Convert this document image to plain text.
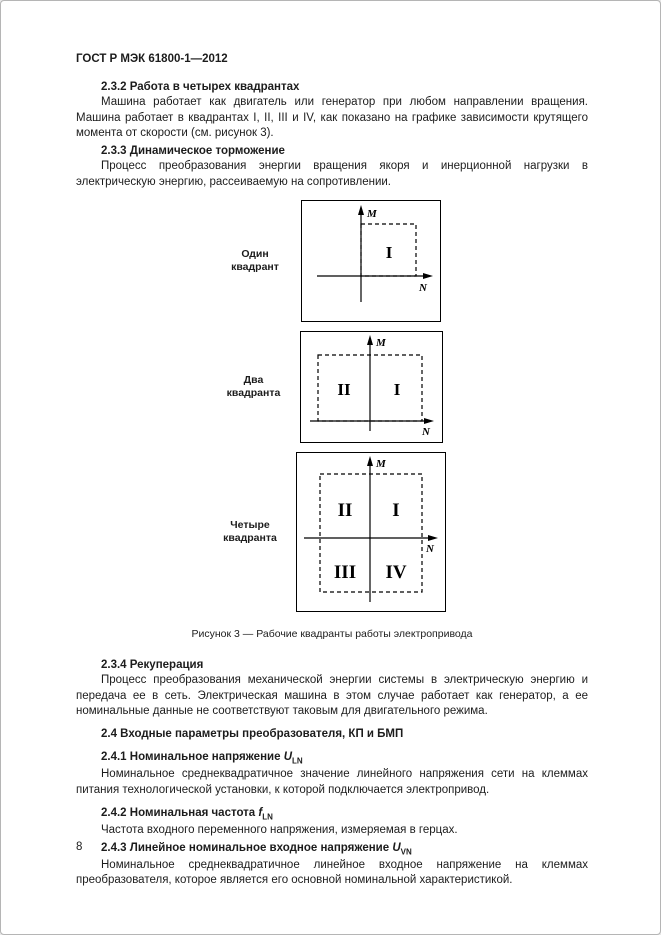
ГОСТ Р МЭК 61800-1—2012

2.3.2 Работа в четырех квадрантах

Машина работает как двигатель или генератор при любом направлении вращения. Машина работает в квадрантах I, II, III и IV, как показано на графике зависимости крутящего момента от скорости (см. рисунок 3).

2.3.3 Динамическое торможение

Процесс преобразования энергии вращения якоря и инерционной нагрузки в электрическую энергию, рассеиваемую на сопротивлении.

Один квадрант
M
N
I
Два квадранта
M
N
II	I
Четыре квадранта
M
N
II I
III IV
Рисунок 3 — Рабочие квадранты работы электропривода

2.3.4 Рекуперация

Процесс преобразования механической энергии системы в электрическую энергию и передача ее в сеть. Электрическая машина в этом случае работает как генератор, а ее номинальные данные не соответствуют таковым для двигательного режима.

2.4 Входные параметры преобразователя, КП и БМП

2.4.1 Номинальное напряжение $U_{LN}$

Номинальное среднеквадратичное значение линейного напряжения сети на клеммах питания технологической установки, к которой подключается электропривод.

2.4.2 Номинальная частота $f_{LN}$

Частота входного переменного напряжения, измеряемая в герцах.

2.4.3 Линейное номинальное входное напряжение $U_{VN}$

Номинальное среднеквадратичное линейное входное напряжение на клеммах преобразователя, которое является его основной номинальной характеристикой.

8
